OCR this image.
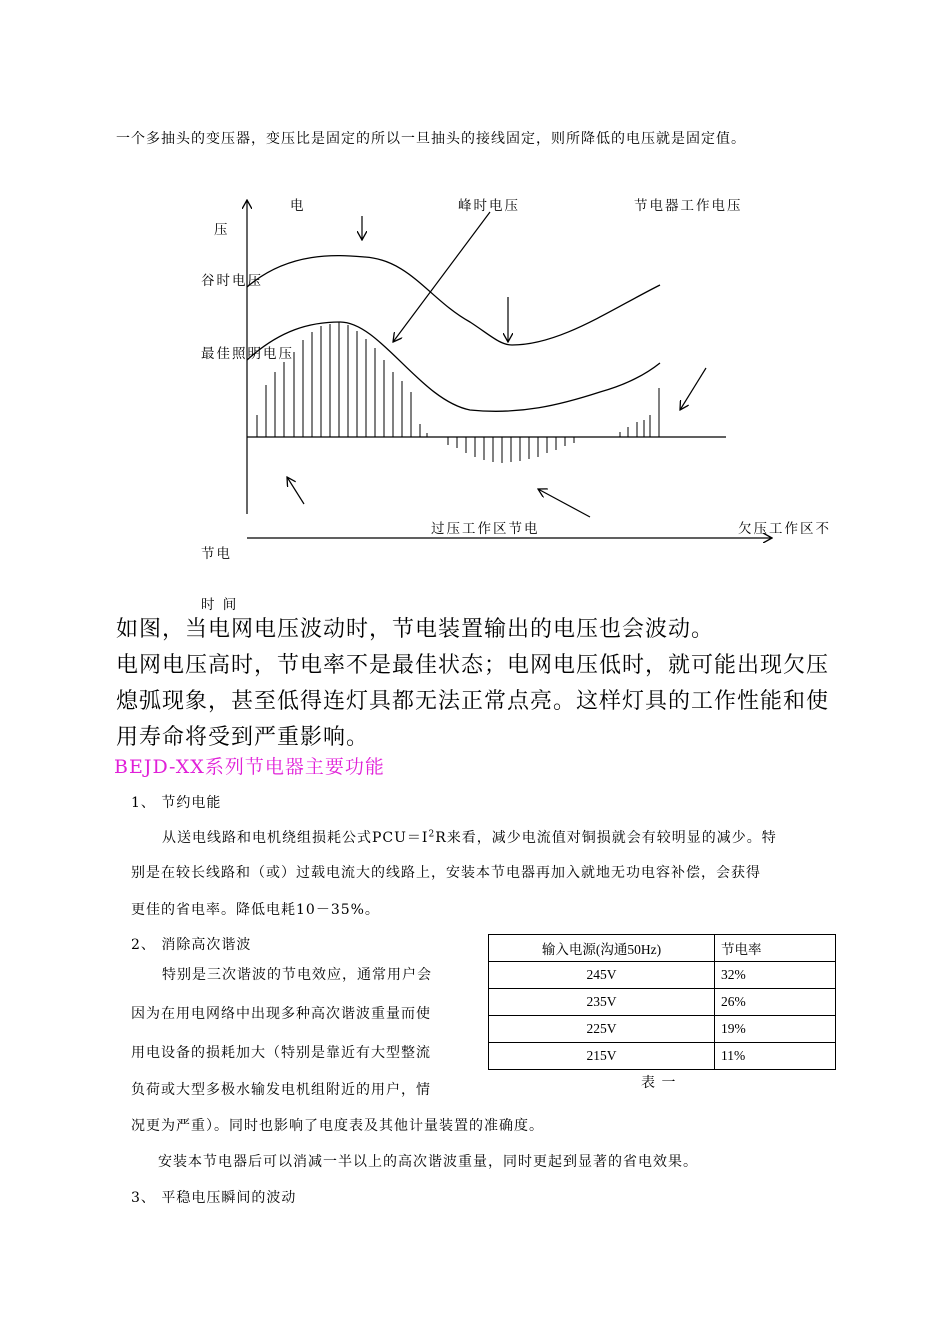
一个多抽头的变压器，变压比是固定的所以一旦抽头的接线固定，则所降低的电压就是固定值。
电	峰时电压	节电器工作电压
压
谷时电压
最佳照明电压
过压工作区节电	欠压工作区不
节电
时 间
如图，当电网电压波动时，节电装置输出的电压也会波动。
电网电压高时，节电率不是最佳状态；电网电压低时，就可能出现欠压熄弧现象，甚至低得连灯具都无法正常点亮。这样灯具的工作性能和使用寿命将受到严重影响。
BEJD-XX系列节电器主要功能
1、 节约电能
从送电线路和电机绕组损耗公式$PCU=I^2R$来看，减少电流值对铜损就会有较明显的减少。特
别是在较长线路和（或）过载电流大的线路上，安装本节电器再加入就地无功电容补偿，会获得
更佳的省电率。降低电耗10－35%。
2、 消除高次谐波
特别是三次谐波的节电效应，通常用户会
因为在用电网络中出现多种高次谐波重量而使
用电设备的损耗加大（特别是靠近有大型整流
负荷或大型多极水输发电机组附近的用户，情
况更为严重）。同时也影响了电度表及其他计量装置的准确度。
安装本节电器后可以消减一半以上的高次谐波重量，同时更起到显著的省电效果。
输入电源(沟通50Hz)	节电率
245V	32%
235V	26%
225V	19%
215V	11%
表 一
3、 平稳电压瞬间的波动
